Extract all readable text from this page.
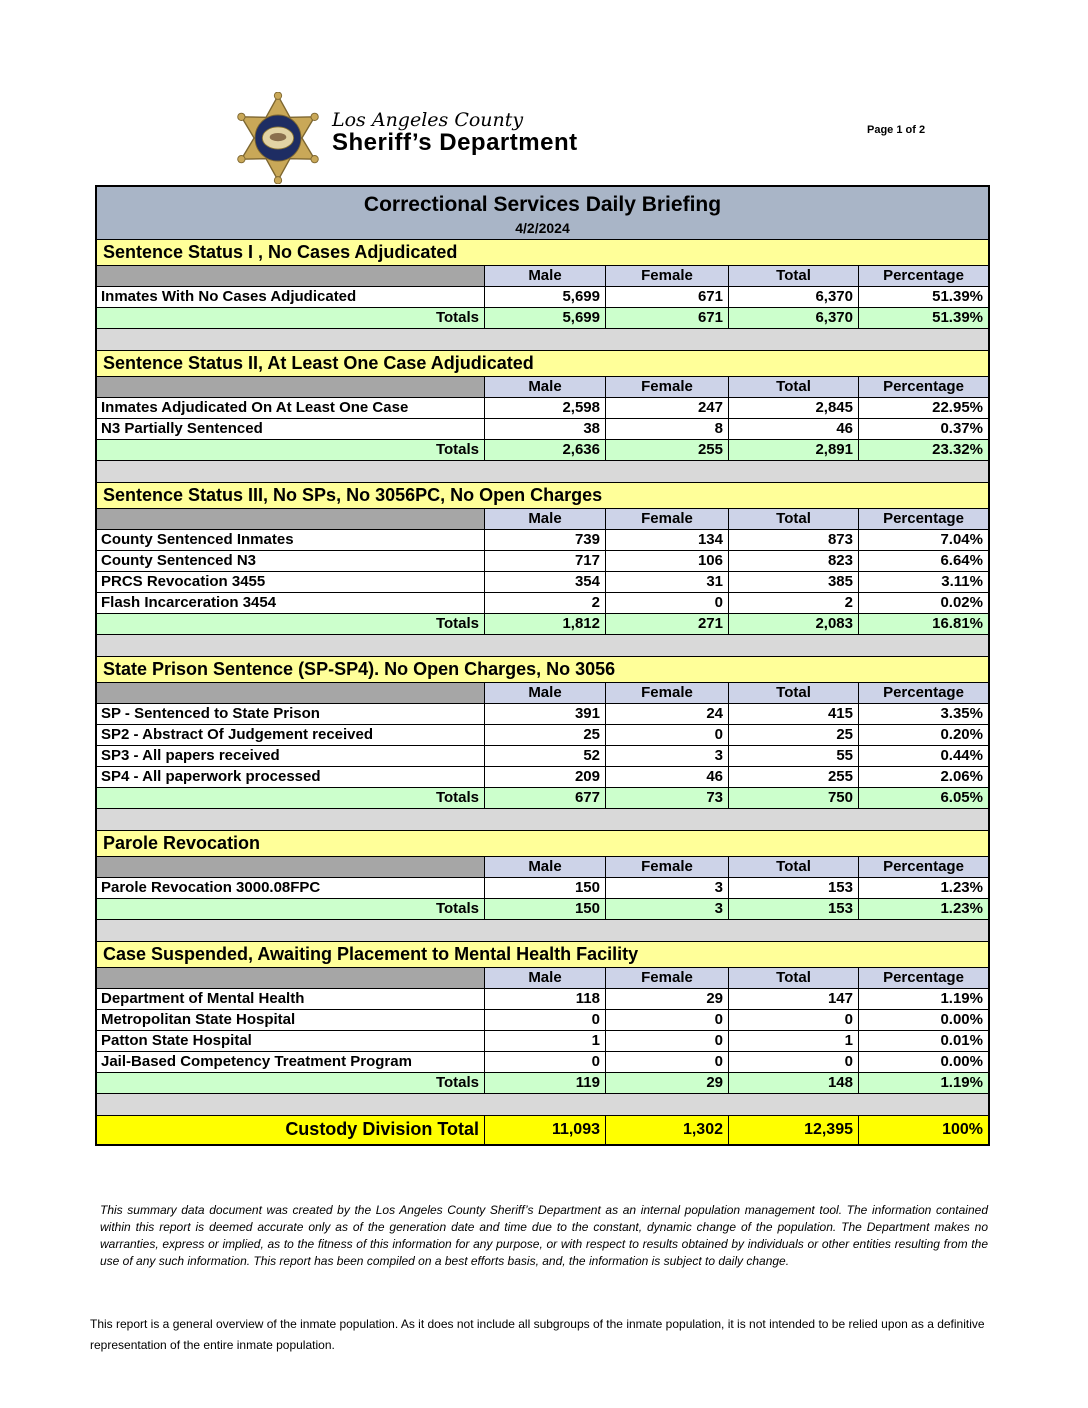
Los Angeles County
Sheriff’s Department	Page 1 of 2
Correctional Services Daily Briefing
4/2/2024
Sentence Status I , No Cases Adjudicated
Male	Female	Total	Percentage
Inmates With No Cases Adjudicated	5,699	671	6,370	51.39%
Totals	5,699	671	6,370	51.39%
Sentence Status II, At Least One Case Adjudicated
Male	Female	Total	Percentage
Inmates Adjudicated On At Least One Case	2,598	247	2,845	22.95%
N3 Partially Sentenced	38	8	46	0.37%
Totals	2,636	255	2,891	23.32%
Sentence Status III, No SPs, No 3056PC, No Open Charges
Male	Female	Total	Percentage
County Sentenced Inmates	739	134	873	7.04%
County Sentenced N3	717	106	823	6.64%
PRCS Revocation 3455	354	31	385	3.11%
Flash Incarceration 3454	2	0	2	0.02%
Totals	1,812	271	2,083	16.81%
State Prison Sentence (SP-SP4). No Open Charges, No 3056
Male	Female	Total	Percentage
SP - Sentenced to State Prison	391	24	415	3.35%
SP2 - Abstract Of Judgement received	25	0	25	0.20%
SP3 - All papers received	52	3	55	0.44%
SP4 - All paperwork processed	209	46	255	2.06%
Totals	677	73	750	6.05%
Parole Revocation
Male	Female	Total	Percentage
Parole Revocation 3000.08FPC	150	3	153	1.23%
Totals	150	3	153	1.23%
Case Suspended, Awaiting Placement to Mental Health Facility
Male	Female	Total	Percentage
Department of Mental Health	118	29	147	1.19%
Metropolitan State Hospital	0	0	0	0.00%
Patton State Hospital	1	0	1	0.01%
Jail-Based Competency Treatment Program	0	0	0	0.00%
Totals	119	29	148	1.19%
Custody Division Total	11,093	1,302	12,395	100%

This summary data document was created by the Los Angeles County Sheriff’s Department as an internal population management tool. The information contained within this report is deemed accurate only as of the generation date and time due to the constant, dynamic change of the population. The Department makes no warranties, express or implied, as to the fitness of this information for any purpose, or with respect to results obtained by individuals or other entities resulting from the use of any such information. This report has been compiled on a best efforts basis, and, the information is subject to daily change.

This report is a general overview of the inmate population. As it does not include all subgroups of the inmate population, it is not intended to be relied upon as a definitive representation of the entire inmate population.
